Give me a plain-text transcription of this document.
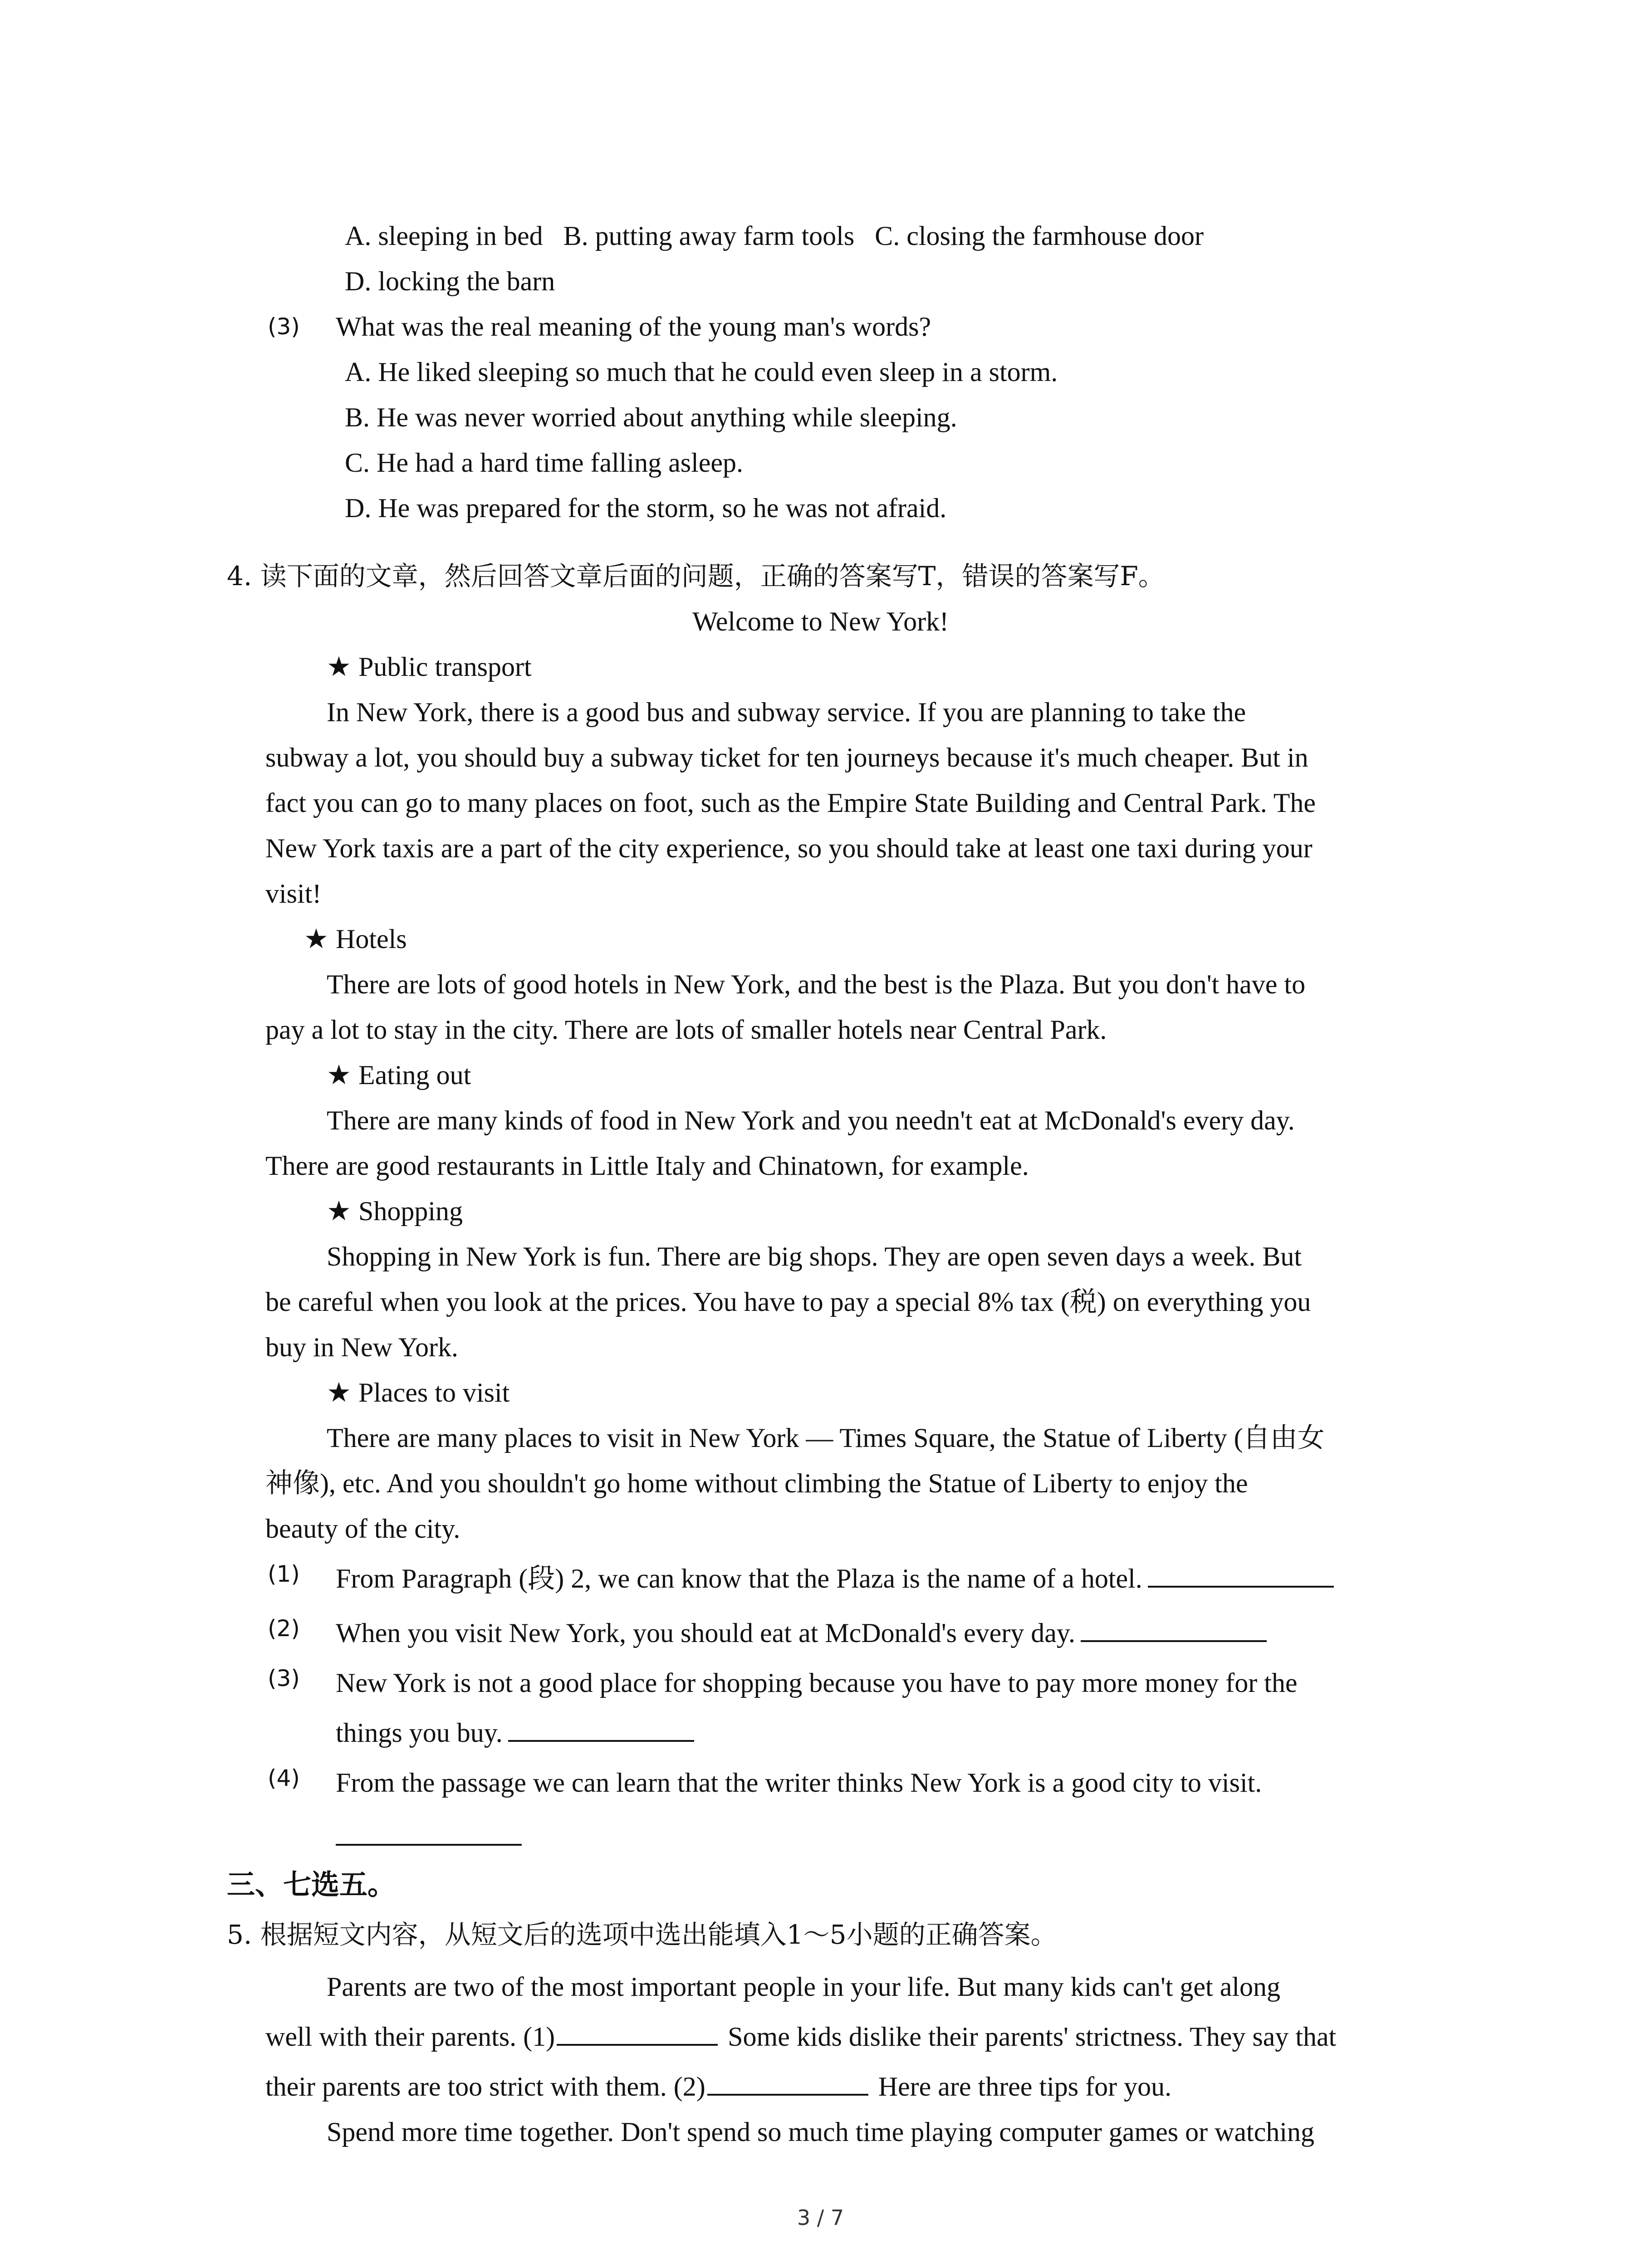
A. sleeping in bed B. putting away farm tools C. closing the farmhouse door
D. locking the barn
(3) What was the real meaning of the young man's words?
A. He liked sleeping so much that he could even sleep in a storm.
B. He was never worried about anything while sleeping.
C. He had a hard time falling asleep.
D. He was prepared for the storm, so he was not afraid.
4. 读下面的文章，然后回答文章后面的问题，正确的答案写T，错误的答案写F。
Welcome to New York!
★ Public transport
In New York, there is a good bus and subway service. If you are planning to take the
subway a lot, you should buy a subway ticket for ten journeys because it's much cheaper. But in
fact you can go to many places on foot, such as the Empire State Building and Central Park. The
New York taxis are a part of the city experience, so you should take at least one taxi during your
visit!
★ Hotels
There are lots of good hotels in New York, and the best is the Plaza. But you don't have to
pay a lot to stay in the city. There are lots of smaller hotels near Central Park.
★ Eating out
There are many kinds of food in New York and you needn't eat at McDonald's every day.
There are good restaurants in Little Italy and Chinatown, for example.
★ Shopping
Shopping in New York is fun. There are big shops. They are open seven days a week. But
be careful when you look at the prices. You have to pay a special 8% tax (税) on everything you
buy in New York.
★ Places to visit
There are many places to visit in New York — Times Square, the Statue of Liberty (自由女
神像), etc. And you shouldn't go home without climbing the Statue of Liberty to enjoy the
beauty of the city.
(1) From Paragraph (段) 2, we can know that the Plaza is the name of a hotel.
(2) When you visit New York, you should eat at McDonald's every day.
(3) New York is not a good place for shopping because you have to pay more money for the
things you buy.
(4) From the passage we can learn that the writer thinks New York is a good city to visit.
三、七选五。
5. 根据短文内容，从短文后的选项中选出能填入1～5小题的正确答案。
Parents are two of the most important people in your life. But many kids can't get along
well with their parents. (1)	Some kids dislike their parents' strictness. They say that
their parents are too strict with them. (2)	Here are three tips for you.
Spend more time together. Don't spend so much time playing computer games or watching
3 / 7
